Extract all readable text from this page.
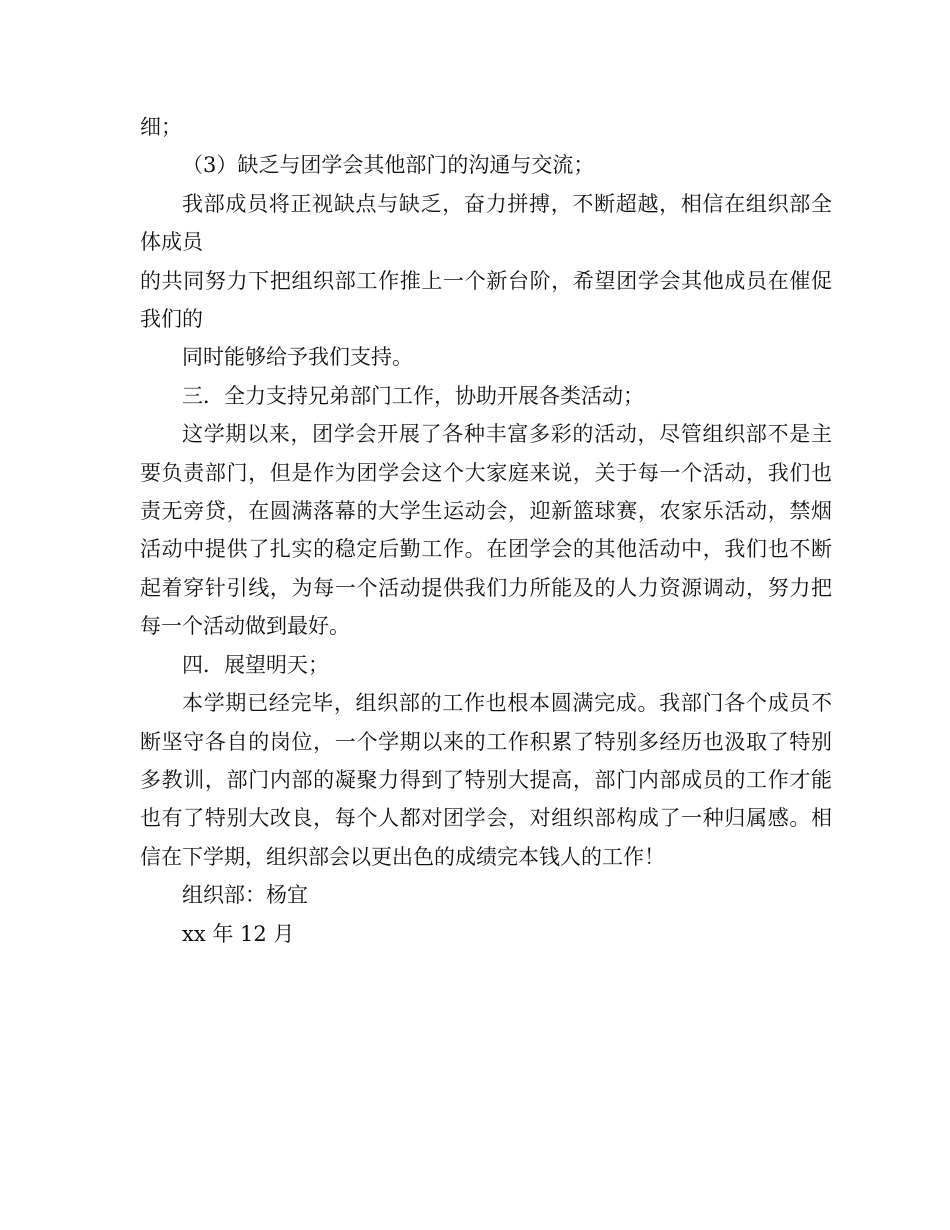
细；

（3）缺乏与团学会其他部门的沟通与交流；

我部成员将正视缺点与缺乏，奋力拼搏，不断超越，相信在组织部全体成员

的共同努力下把组织部工作推上一个新台阶，希望团学会其他成员在催促我们的

同时能够给予我们支持。

三．全力支持兄弟部门工作，协助开展各类活动；

这学期以来，团学会开展了各种丰富多彩的活动，尽管组织部不是主要负责部门，但是作为团学会这个大家庭来说，关于每一个活动，我们也责无旁贷，在圆满落幕的大学生运动会，迎新篮球赛，农家乐活动，禁烟活动中提供了扎实的稳定后勤工作。在团学会的其他活动中，我们也不断起着穿针引线，为每一个活动提供我们力所能及的人力资源调动，努力把每一个活动做到最好。

四．展望明天；

本学期已经完毕，组织部的工作也根本圆满完成。我部门各个成员不断坚守各自的岗位，一个学期以来的工作积累了特别多经历也汲取了特别多教训，部门内部的凝聚力得到了特别大提高，部门内部成员的工作才能也有了特别大改良，每个人都对团学会，对组织部构成了一种归属感。相信在下学期，组织部会以更出色的成绩完本钱人的工作！

组织部：杨宜

xx 年 12 月
